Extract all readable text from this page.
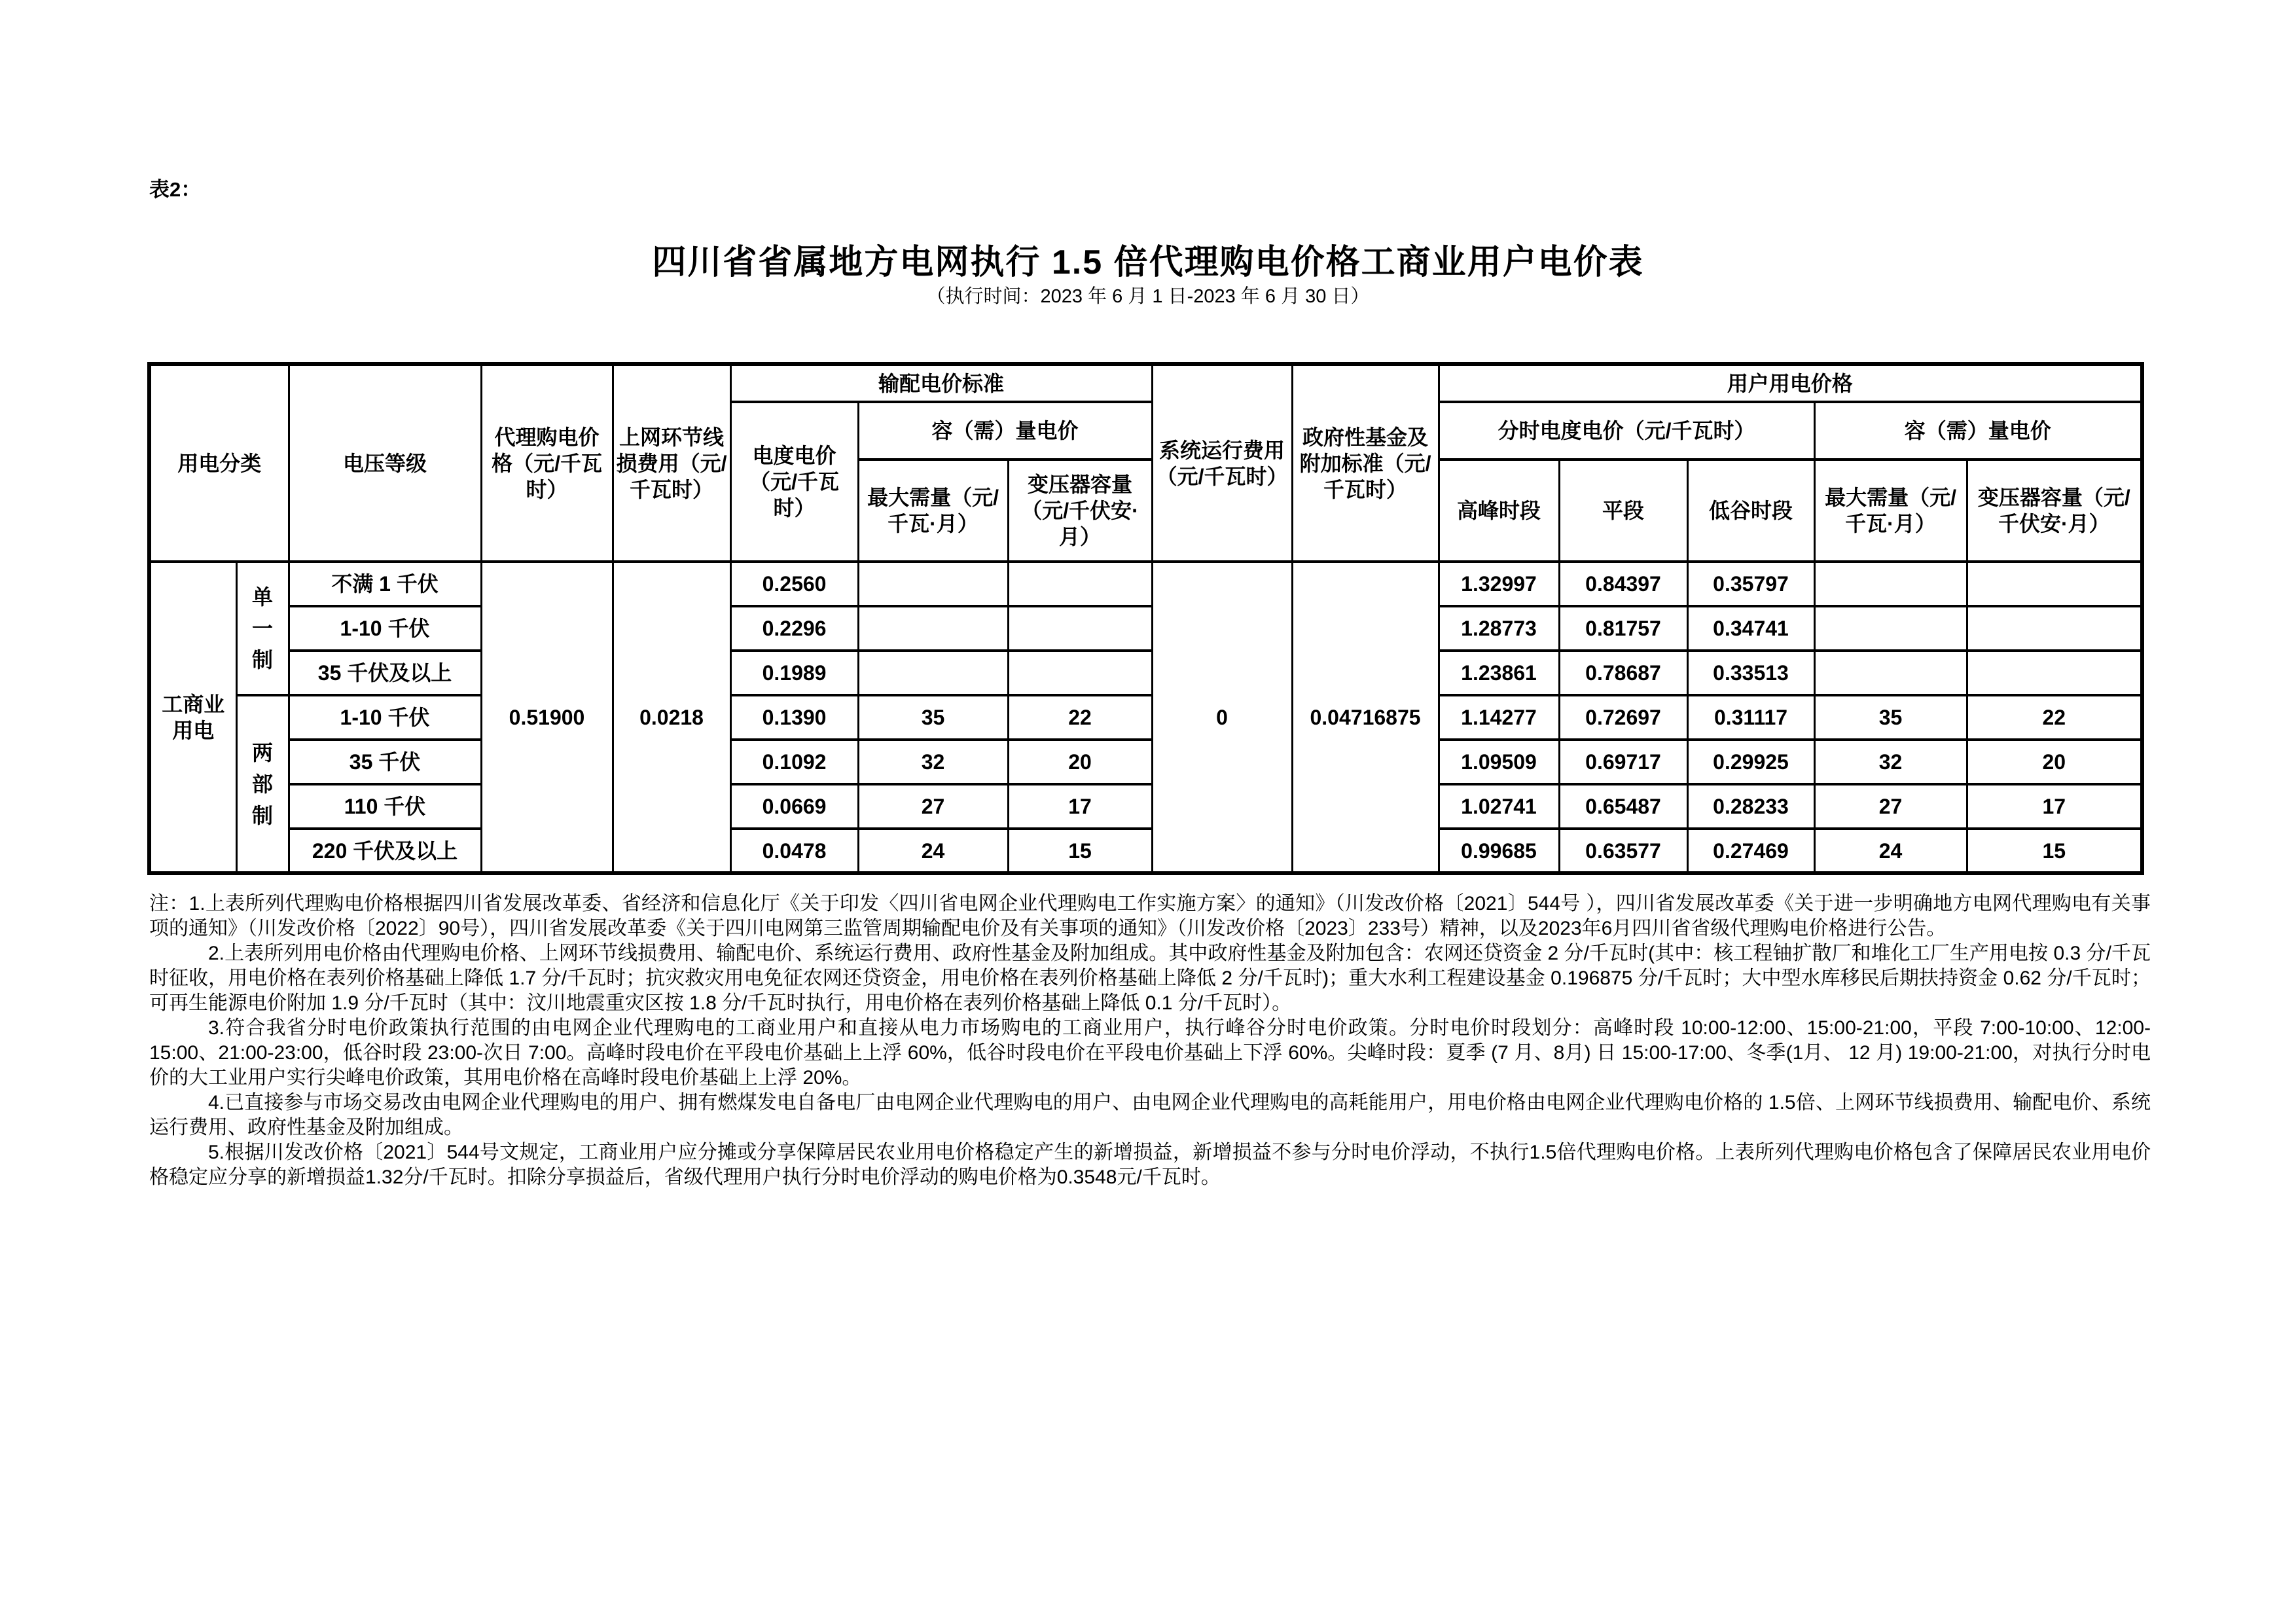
表2：
四川省省属地方电网执行 1.5 倍代理购电价格工商业用户电价表
（执行时间：2023 年 6 月 1 日-2023 年 6 月 30 日）
用电分类		电压等级	代理购电价格（元/千瓦时）	上网环节线损费用（元/千瓦时）	输配电价标准			系统运行费用（元/千瓦时）	政府性基金及附加标准（元/千瓦时）	用户用电价格				
					电度电价（元/千瓦时）	容（需）量电价				分时电度电价（元/千瓦时）			容（需）量电价	
						最大需量（元/千瓦·月）	变压器容量（元/千伏安·月）			高峰时段	平段	低谷时段	最大需量（元/千瓦·月）	变压器容量（元/千伏安·月）
工商业用电	单一制	不满 1 千伏	0.51900	0.0218	0.2560			0	0.04716875	1.32997	0.84397	0.35797		
		1-10 千伏			0.2296					1.28773	0.81757	0.34741		
		35 千伏及以上			0.1989					1.23861	0.78687	0.33513		
	两部制	1-10 千伏			0.1390	35	22			1.14277	0.72697	0.31117	35	22
		35 千伏			0.1092	32	20			1.09509	0.69717	0.29925	32	20
		110 千伏			0.0669	27	17			1.02741	0.65487	0.28233	27	17
		220 千伏及以上			0.0478	24	15			0.99685	0.63577	0.27469	24	15

注：1.上表所列代理购电价格根据四川省发展改革委、省经济和信息化厅《关于印发〈四川省电网企业代理购电工作实施方案〉的通知》（川发改价格〔2021〕544号 ），四川省发展改革委《关于进一步明确地方电网代理购电有关事项的通知》（川发改价格〔2022〕90号），四川省发展改革委《关于四川电网第三监管周期输配电价及有关事项的通知》（川发改价格〔2023〕233号）精神，以及2023年6月四川省省级代理购电价格进行公告。

2.上表所列用电价格由代理购电价格、上网环节线损费用、输配电价、系统运行费用、政府性基金及附加组成。其中政府性基金及附加包含：农网还贷资金 2 分/千瓦时(其中：核工程铀扩散厂和堆化工厂生产用电按 0.3 分/千瓦时征收，用电价格在表列价格基础上降低 1.7 分/千瓦时；抗灾救灾用电免征农网还贷资金，用电价格在表列价格基础上降低 2 分/千瓦时)；重大水利工程建设基金 0.196875 分/千瓦时；大中型水库移民后期扶持资金 0.62 分/千瓦时；可再生能源电价附加 1.9 分/千瓦时（其中：汶川地震重灾区按 1.8 分/千瓦时执行，用电价格在表列价格基础上降低 0.1 分/千瓦时）。

3.符合我省分时电价政策执行范围的由电网企业代理购电的工商业用户和直接从电力市场购电的工商业用户，执行峰谷分时电价政策。分时电价时段划分：高峰时段 10:00-12:00、15:00-21:00，平段 7:00-10:00、12:00-15:00、21:00-23:00，低谷时段 23:00-次日 7:00。高峰时段电价在平段电价基础上上浮 60%，低谷时段电价在平段电价基础上下浮 60%。尖峰时段：夏季 (7 月、8月) 日 15:00-17:00、冬季(1月、 12 月) 19:00-21:00，对执行分时电价的大工业用户实行尖峰电价政策，其用电价格在高峰时段电价基础上上浮 20%。

4.已直接参与市场交易改由电网企业代理购电的用户、拥有燃煤发电自备电厂由电网企业代理购电的用户、由电网企业代理购电的高耗能用户，用电价格由电网企业代理购电价格的 1.5倍、上网环节线损费用、输配电价、系统运行费用、政府性基金及附加组成。

5.根据川发改价格〔2021〕544号文规定，工商业用户应分摊或分享保障居民农业用电价格稳定产生的新增损益，新增损益不参与分时电价浮动，不执行1.5倍代理购电价格。上表所列代理购电价格包含了保障居民农业用电价格稳定应分享的新增损益1.32分/千瓦时。扣除分享损益后，省级代理用户执行分时电价浮动的购电价格为0.3548元/千瓦时。
